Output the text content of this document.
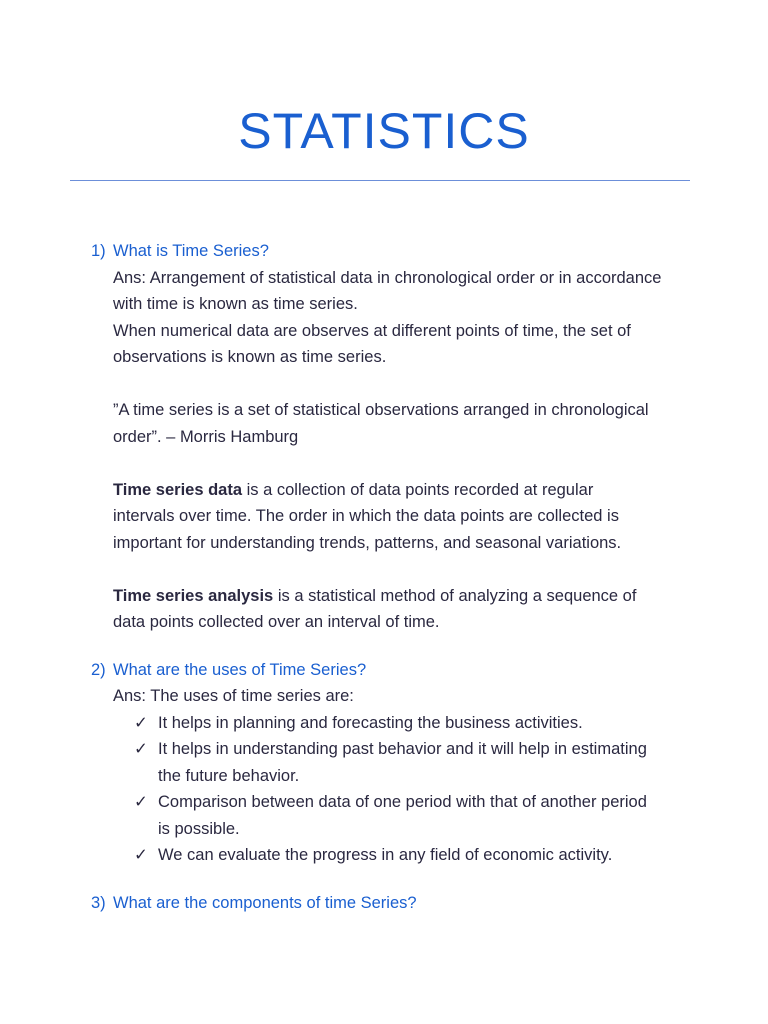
STATISTICS
1) What is Time Series?
Ans: Arrangement of statistical data in chronological order or in accordance
with time is known as time series.
When numerical data are observes at different points of time, the set of
observations is known as time series.
”A time series is a set of statistical observations arranged in chronological
order”. – Morris Hamburg
Time series data is a collection of data points recorded at regular
intervals over time. The order in which the data points are collected is
important for understanding trends, patterns, and seasonal variations.
Time series analysis is a statistical method of analyzing a sequence of
data points collected over an interval of time.
2) What are the uses of Time Series?
Ans: The uses of time series are:
✓ It helps in planning and forecasting the business activities.
✓ It helps in understanding past behavior and it will help in estimating
the future behavior.
✓ Comparison between data of one period with that of another period
is possible.
✓ We can evaluate the progress in any field of economic activity.
3) What are the components of time Series?
